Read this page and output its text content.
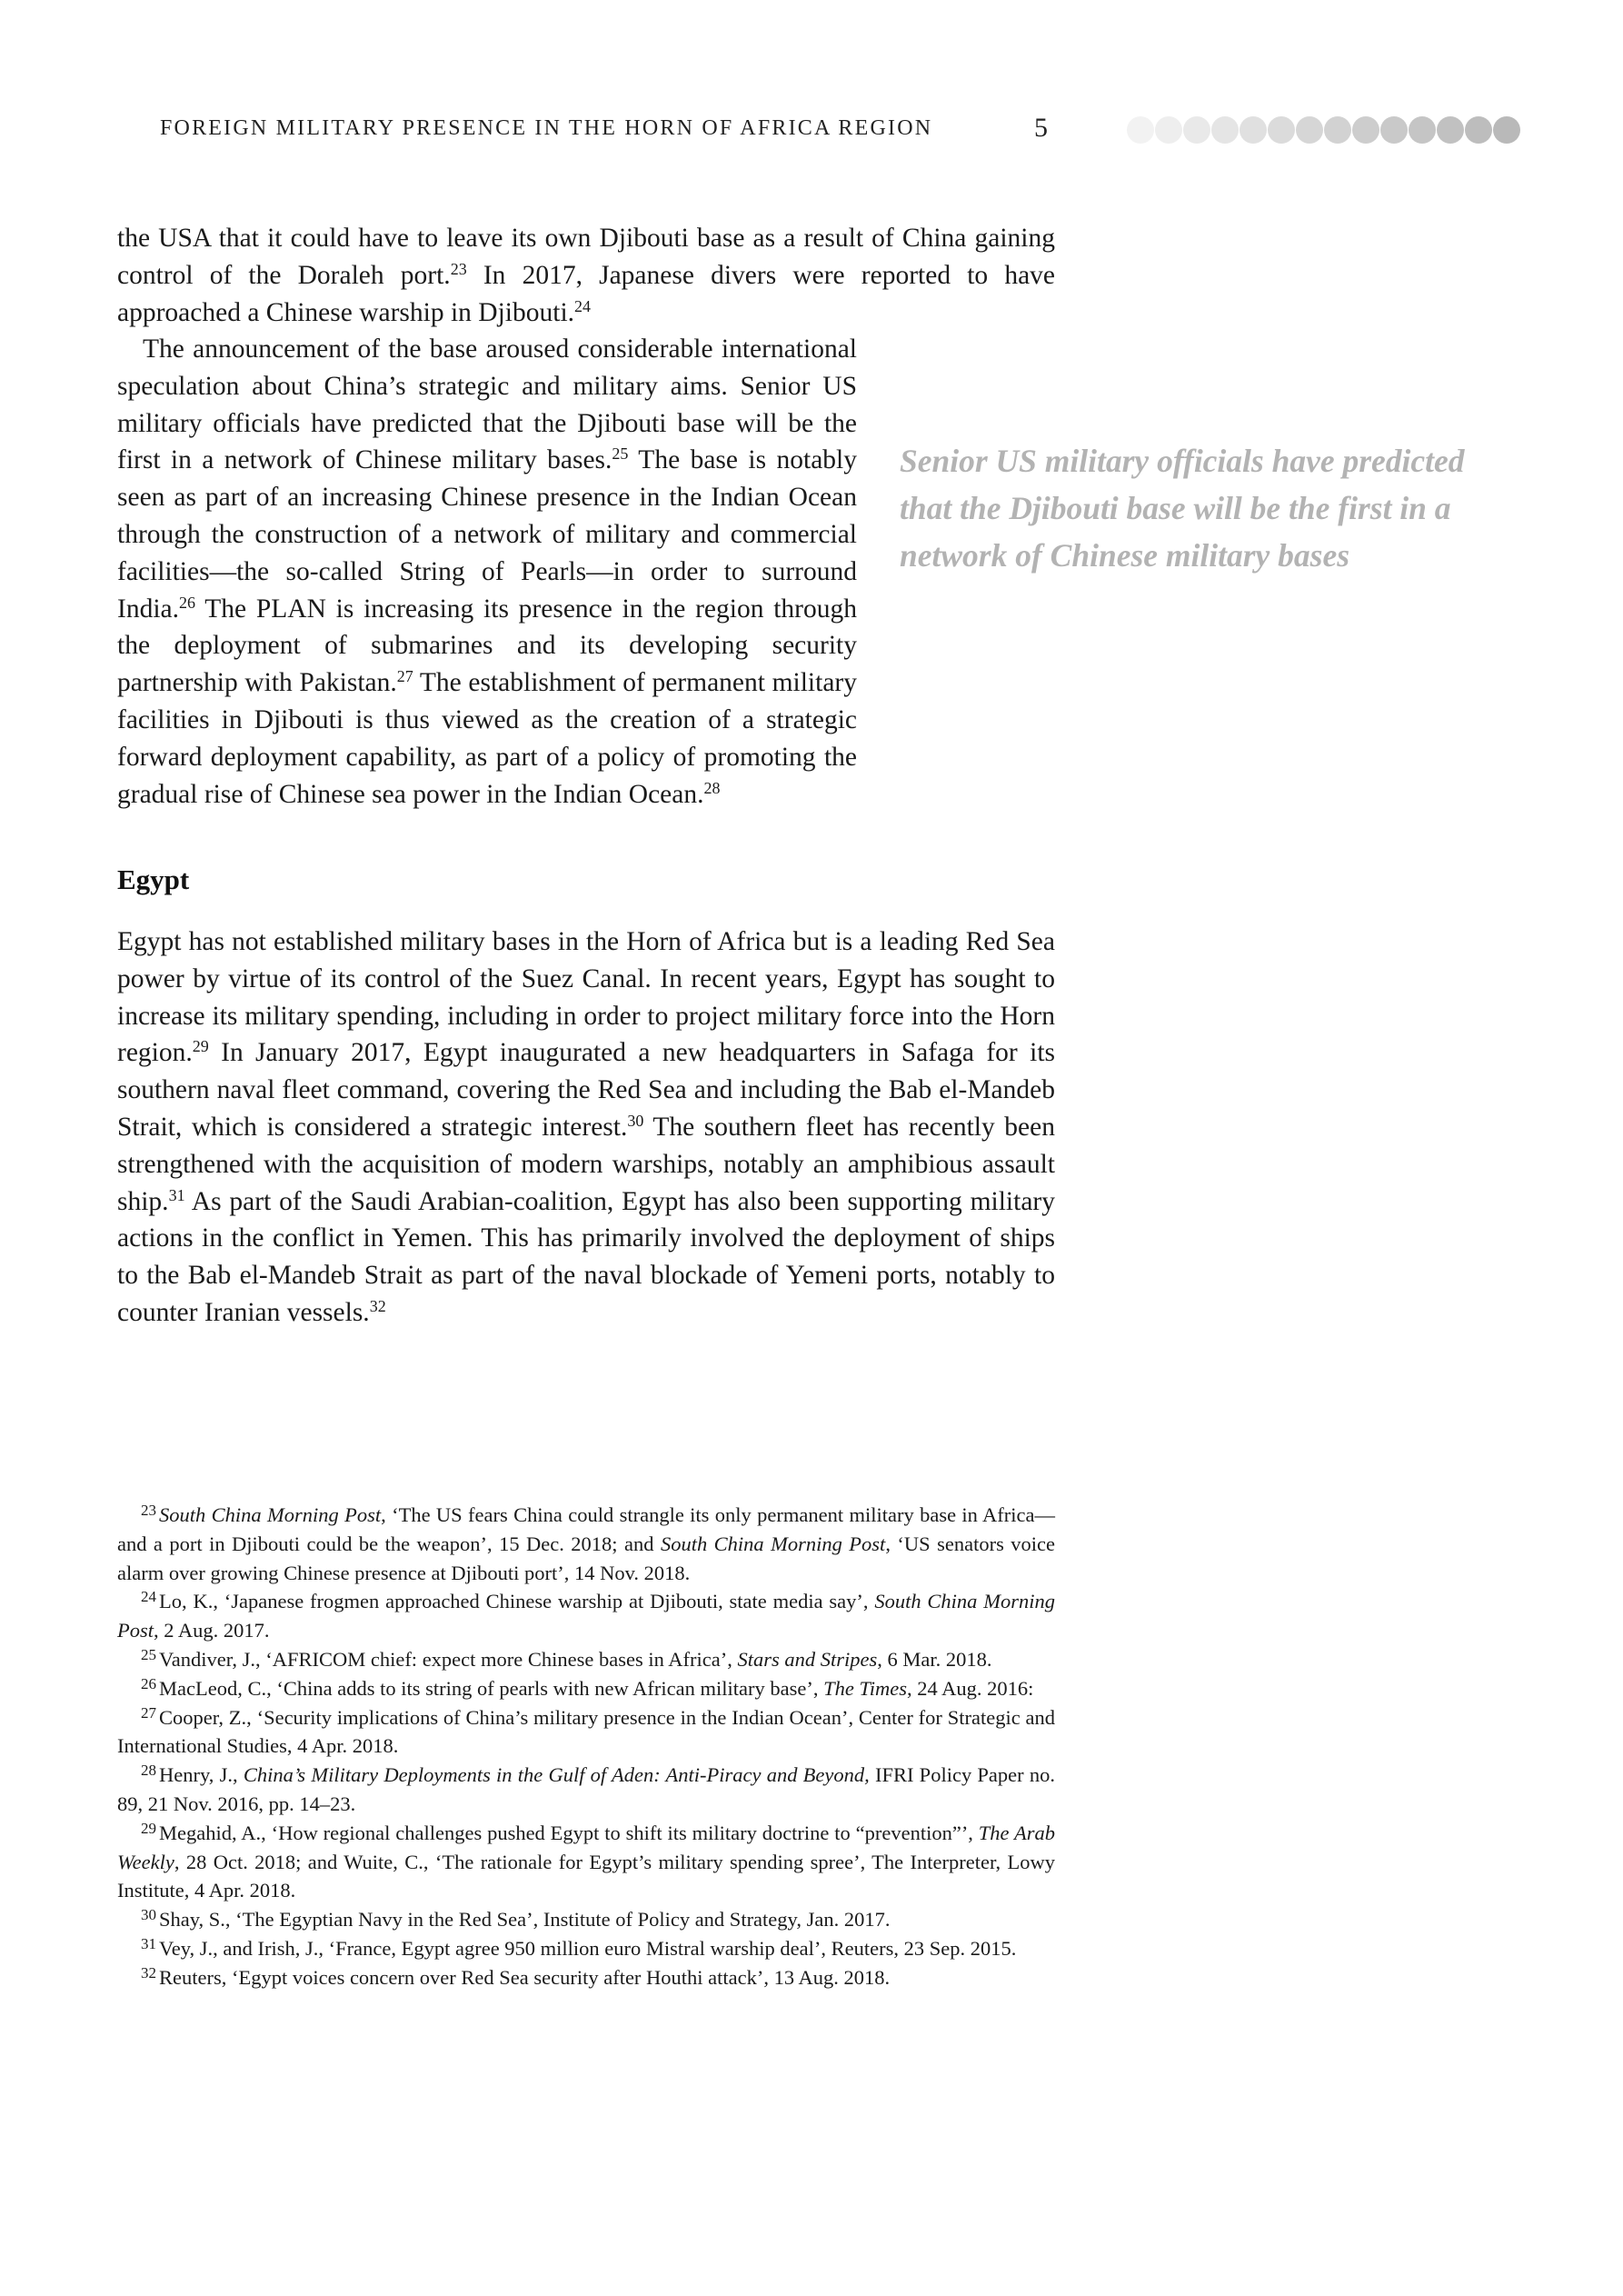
FOREIGN MILITARY PRESENCE IN THE HORN OF AFRICA REGION	5
the USA that it could have to leave its own Djibouti base as a result of China gaining control of the Doraleh port.$^{23}$ In 2017, Japanese divers were reported to have approached a Chinese warship in Djibouti.$^{24}$
The announcement of the base aroused considerable international speculation about China’s strategic and military aims. Senior US military officials have predicted that the Djibouti base will be the first in a network of Chinese military bases.$^{25}$ The base is notably seen as part of an increasing Chinese presence in the Indian Ocean through the construction of a network of military and commercial facilities—the so-called String of Pearls—in order to surround India.$^{26}$ The PLAN is increasing its presence in the region through the deployment of submarines and its developing security partnership with Pakistan.$^{27}$ The establishment of permanent military facilities in Djibouti is thus viewed as the creation of a strategic forward deployment capability, as part of a policy of promoting the gradual rise of Chinese sea power in the Indian Ocean.$^{28}$
Senior US military officials have predicted that the Djibouti base will be the first in a network of Chinese military bases
Egypt
Egypt has not established military bases in the Horn of Africa but is a leading Red Sea power by virtue of its control of the Suez Canal. In recent years, Egypt has sought to increase its military spending, including in order to project military force into the Horn region.$^{29}$ In January 2017, Egypt inaugurated a new headquarters in Safaga for its southern naval fleet command, covering the Red Sea and including the Bab el-Mandeb Strait, which is considered a strategic interest.$^{30}$ The southern fleet has recently been strengthened with the acquisition of modern warships, notably an amphibious assault ship.$^{31}$ As part of the Saudi Arabian-coalition, Egypt has also been supporting military actions in the conflict in Yemen. This has primarily involved the deployment of ships to the Bab el-Mandeb Strait as part of the naval blockade of Yemeni ports, notably to counter Iranian vessels.$^{32}$

$^{23}$ South China Morning Post, ‘The US fears China could strangle its only permanent military base in Africa—and a port in Djibouti could be the weapon’, 15 Dec. 2018; and South China Morning Post, ‘US senators voice alarm over growing Chinese presence at Djibouti port’, 14 Nov. 2018.

$^{24}$ Lo, K., ‘Japanese frogmen approached Chinese warship at Djibouti, state media say’, South China Morning Post, 2 Aug. 2017.

$^{25}$ Vandiver, J., ‘AFRICOM chief: expect more Chinese bases in Africa’, Stars and Stripes, 6 Mar. 2018.

$^{26}$ MacLeod, C., ‘China adds to its string of pearls with new African military base’, The Times, 24 Aug. 2016:

$^{27}$ Cooper, Z., ‘Security implications of China’s military presence in the Indian Ocean’, Center for Strategic and International Studies, 4 Apr. 2018.

$^{28}$ Henry, J., China’s Military Deployments in the Gulf of Aden: Anti-Piracy and Beyond, IFRI Policy Paper no. 89, 21 Nov. 2016, pp. 14–23.

$^{29}$ Megahid, A., ‘How regional challenges pushed Egypt to shift its military doctrine to “prevention”’, The Arab Weekly, 28 Oct. 2018; and Wuite, C., ‘The rationale for Egypt’s military spending spree’, The Interpreter, Lowy Institute, 4 Apr. 2018.

$^{30}$ Shay, S., ‘The Egyptian Navy in the Red Sea’, Institute of Policy and Strategy, Jan. 2017.

$^{31}$ Vey, J., and Irish, J., ‘France, Egypt agree 950 million euro Mistral warship deal’, Reuters, 23 Sep. 2015.

$^{32}$ Reuters, ‘Egypt voices concern over Red Sea security after Houthi attack’, 13 Aug. 2018.
